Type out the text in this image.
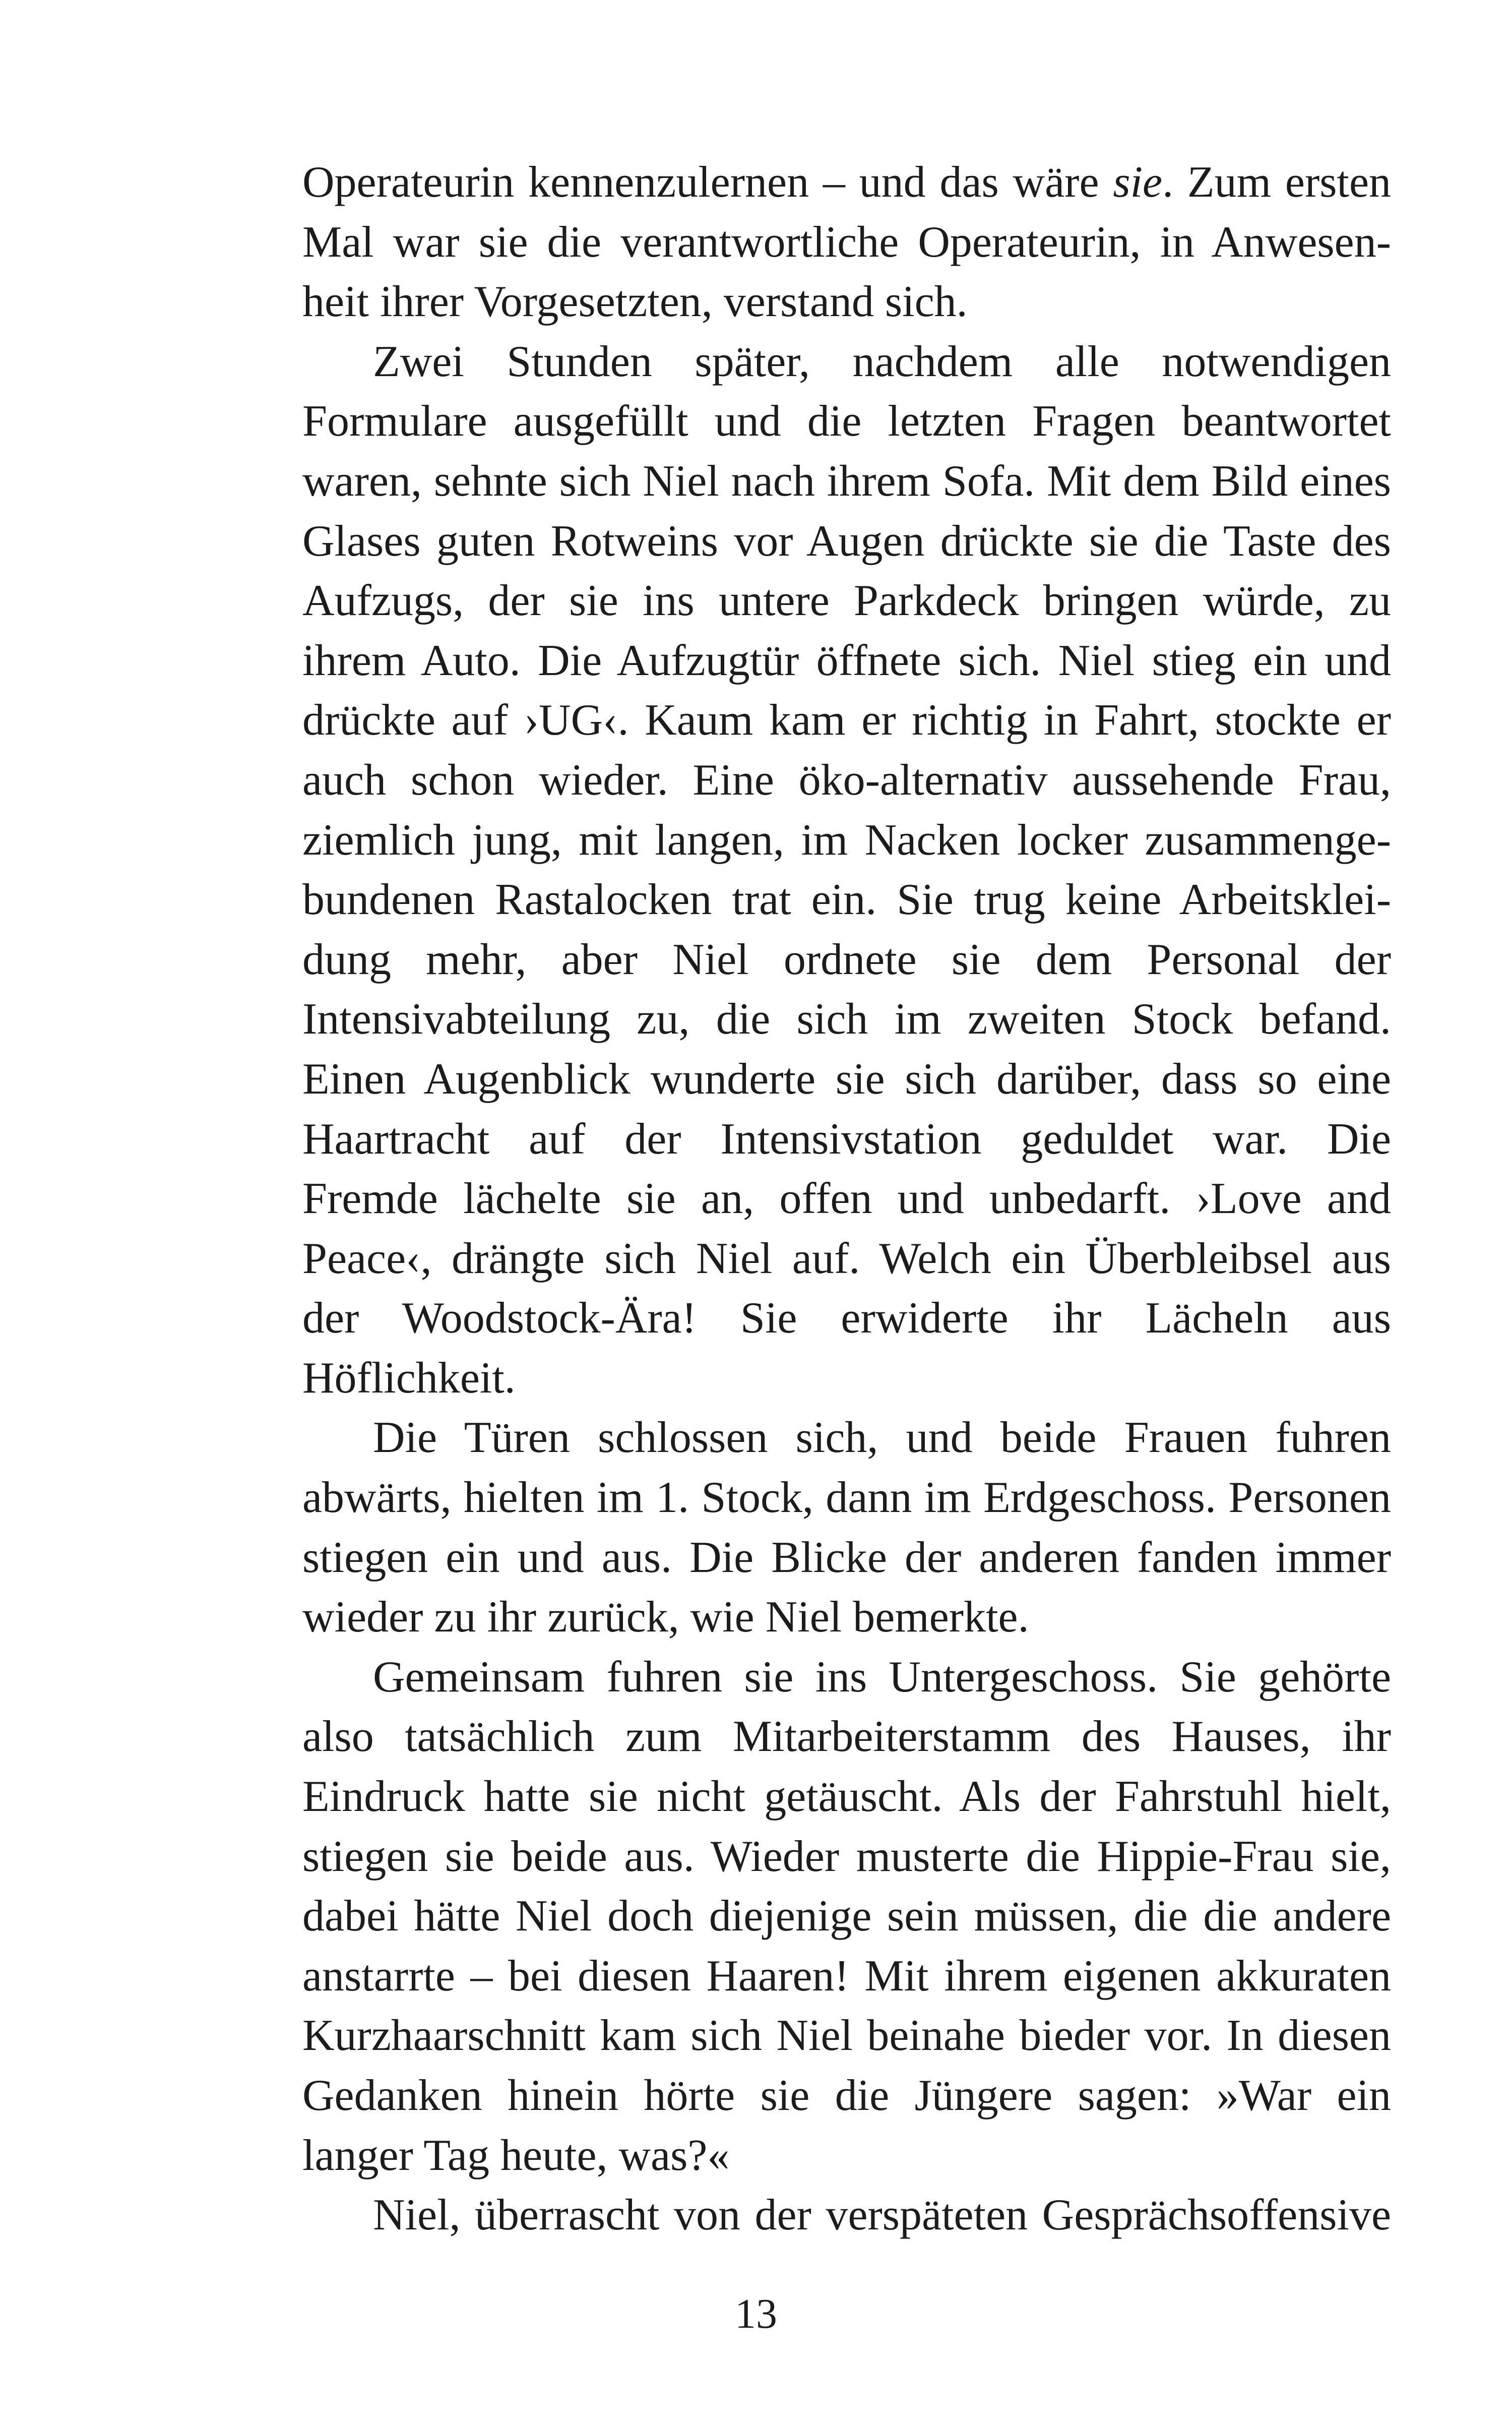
Operateurin kennenzulernen – und das wäre sie. Zum ersten
Mal war sie die verantwortliche Operateurin, in Anwesen-
heit ihrer Vorgesetzten, verstand sich.
Zwei Stunden später, nachdem alle notwendigen
Formulare ausgefüllt und die letzten Fragen beantwortet
waren, sehnte sich Niel nach ihrem Sofa. Mit dem Bild eines
Glases guten Rotweins vor Augen drückte sie die Taste des
Aufzugs, der sie ins untere Parkdeck bringen würde, zu
ihrem Auto. Die Aufzugtür öffnete sich. Niel stieg ein und
drückte auf ›UG‹. Kaum kam er richtig in Fahrt, stockte er
auch schon wieder. Eine öko-alternativ aussehende Frau,
ziemlich jung, mit langen, im Nacken locker zusammenge-
bundenen Rastalocken trat ein. Sie trug keine Arbeitsklei-
dung mehr, aber Niel ordnete sie dem Personal der
Intensivabteilung zu, die sich im zweiten Stock befand.
Einen Augenblick wunderte sie sich darüber, dass so eine
Haartracht auf der Intensivstation geduldet war. Die
Fremde lächelte sie an, offen und unbedarft. ›Love and
Peace‹, drängte sich Niel auf. Welch ein Überbleibsel aus
der Woodstock-Ära! Sie erwiderte ihr Lächeln aus
Höflichkeit.
Die Türen schlossen sich, und beide Frauen fuhren
abwärts, hielten im 1. Stock, dann im Erdgeschoss. Personen
stiegen ein und aus. Die Blicke der anderen fanden immer
wieder zu ihr zurück, wie Niel bemerkte.
Gemeinsam fuhren sie ins Untergeschoss. Sie gehörte
also tatsächlich zum Mitarbeiterstamm des Hauses, ihr
Eindruck hatte sie nicht getäuscht. Als der Fahrstuhl hielt,
stiegen sie beide aus. Wieder musterte die Hippie-Frau sie,
dabei hätte Niel doch diejenige sein müssen, die die andere
anstarrte – bei diesen Haaren! Mit ihrem eigenen akkuraten
Kurzhaarschnitt kam sich Niel beinahe bieder vor. In diesen
Gedanken hinein hörte sie die Jüngere sagen: »War ein
langer Tag heute, was?«
Niel, überrascht von der verspäteten Gesprächsoffensive
13
